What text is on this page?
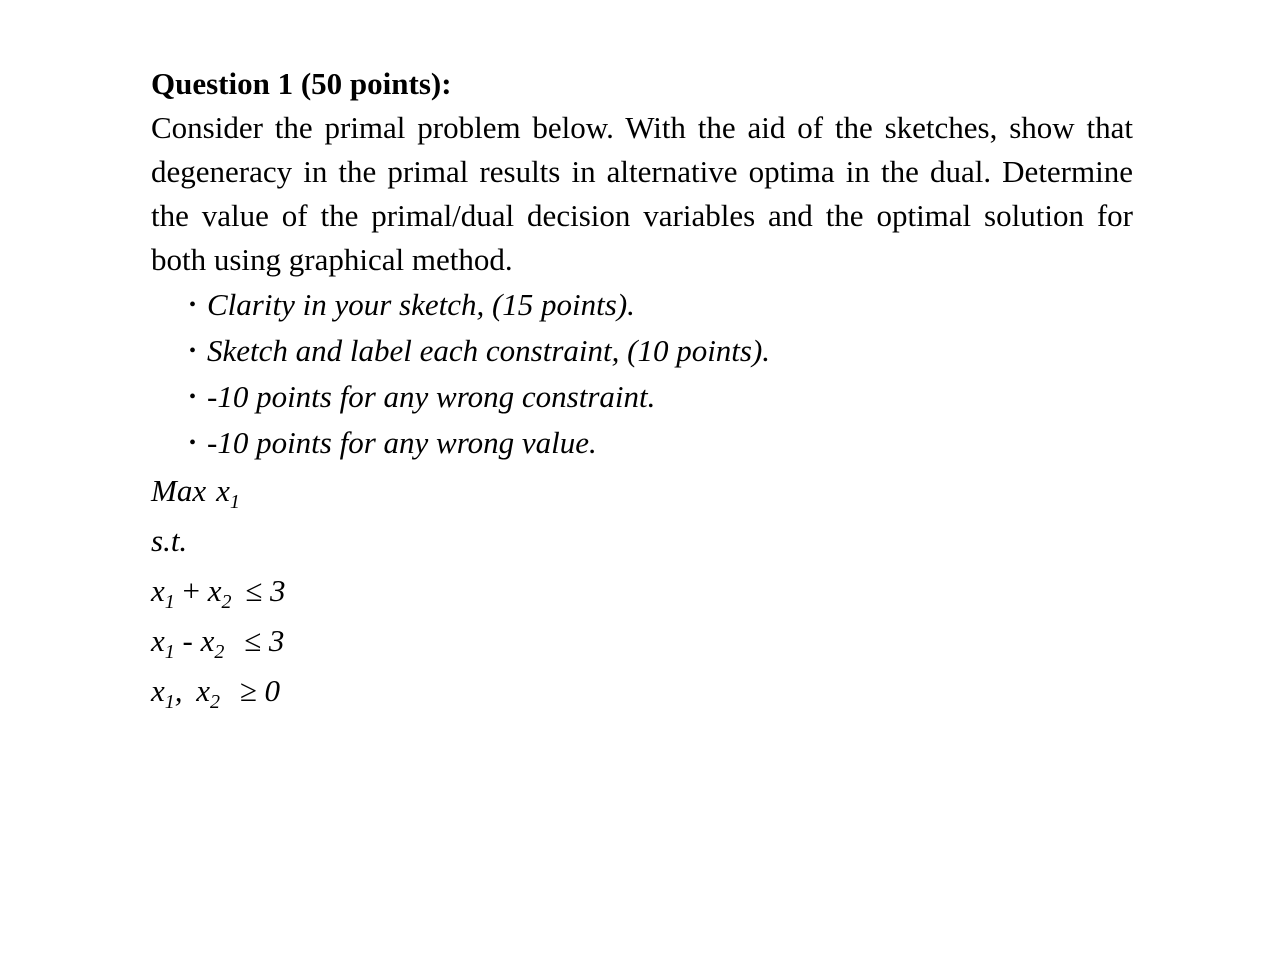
Question 1 (50 points):

Consider the primal problem below. With the aid of the sketches, show that degeneracy in the primal results in alternative optima in the dual. Determine the value of the primal/dual decision variables and the optimal solution for both using graphical method.

• Clarity in your sketch, (15 points).
• Sketch and label each constraint, (10 points).
• -10 points for any wrong constraint.
• -10 points for any wrong value.

Max $x_1$

s.t.

$x_1 + x_2 \le 3$

$x_1 - x_2 \le 3$

$x_1$, $x_2 \ge 0$
